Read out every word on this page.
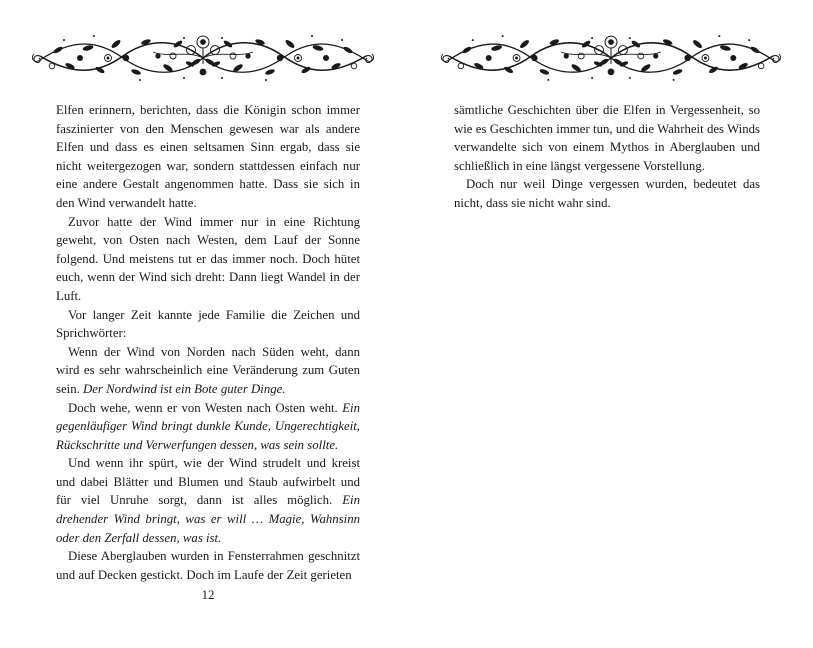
Elfen erinnern, berichten, dass die Königin schon immer faszinierter von den Menschen gewesen war als andere Elfen und dass es einen seltsamen Sinn ergab, dass sie nicht weitergezogen war, sondern stattdessen einfach nur eine andere Gestalt angenommen hatte. Dass sie sich in den Wind verwandelt hatte.

Zuvor hatte der Wind immer nur in eine Richtung geweht, von Osten nach Westen, dem Lauf der Sonne folgend. Und meistens tut er das immer noch. Doch hütet euch, wenn der Wind sich dreht: Dann liegt Wandel in der Luft.

Vor langer Zeit kannte jede Familie die Zeichen und Sprichwörter:

Wenn der Wind von Norden nach Süden weht, dann wird es sehr wahrscheinlich eine Veränderung zum Guten sein. Der Nordwind ist ein Bote guter Dinge.

Doch wehe, wenn er von Westen nach Osten weht. Ein gegenläufiger Wind bringt dunkle Kunde, Ungerechtigkeit, Rückschritte und Verwerfungen dessen, was sein sollte.

Und wenn ihr spürt, wie der Wind strudelt und kreist und dabei Blätter und Blumen und Staub aufwirbelt und für viel Unruhe sorgt, dann ist alles möglich. Ein drehender Wind bringt, was er will … Magie, Wahnsinn oder den Zerfall dessen, was ist.

Diese Aberglauben wurden in Fensterrahmen geschnitzt und auf Decken gestickt. Doch im Laufe der Zeit gerieten

12

sämtliche Geschichten über die Elfen in Vergessenheit, so wie es Geschichten immer tun, und die Wahrheit des Winds verwandelte sich von einem Mythos in Aberglauben und schließlich in eine längst vergessene Vorstellung.

Doch nur weil Dinge vergessen wurden, bedeutet das nicht, dass sie nicht wahr sind.
